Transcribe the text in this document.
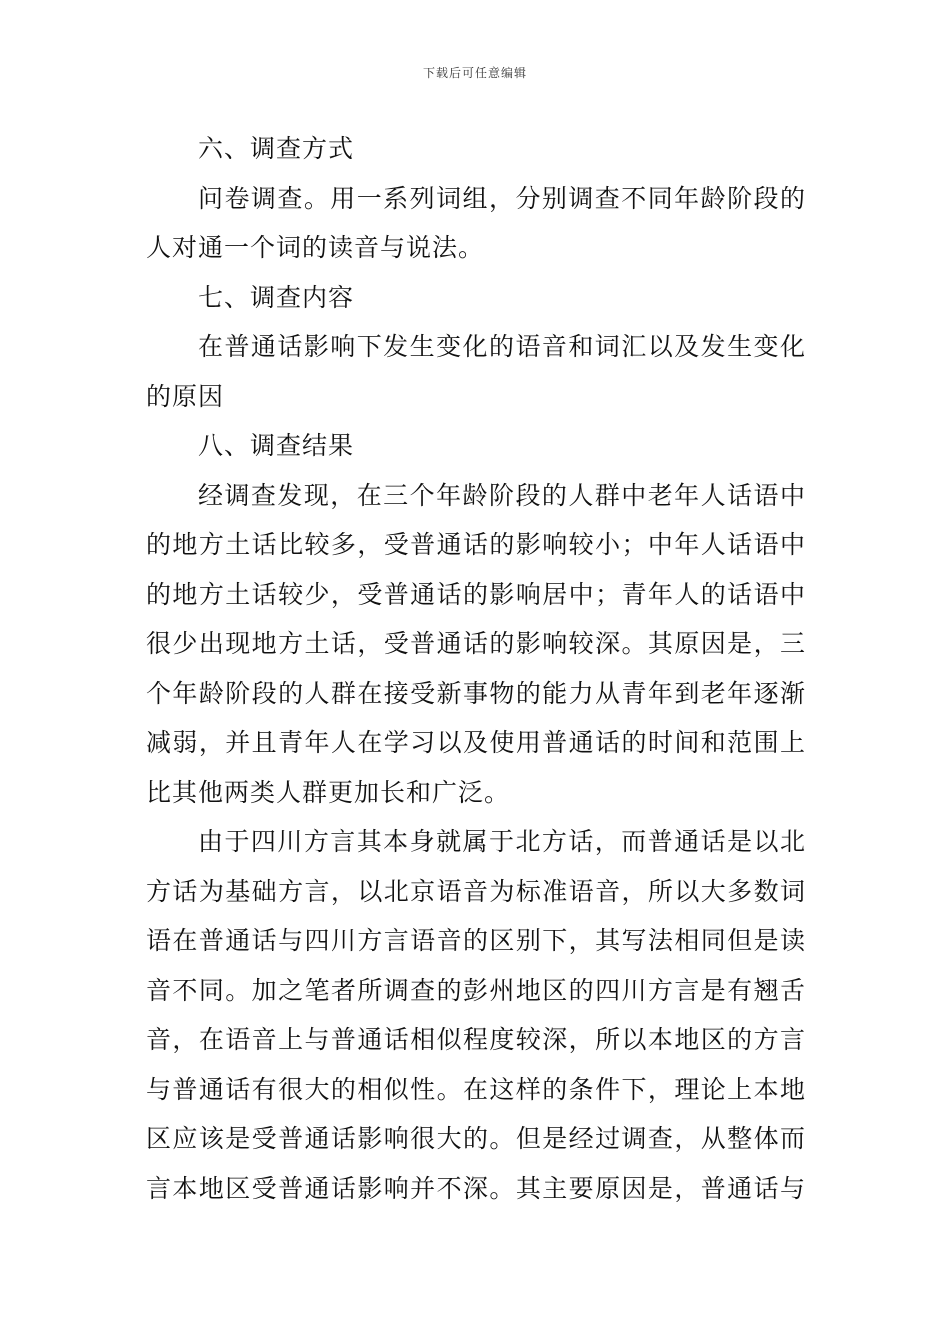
下载后可任意编辑

六、调查方式

问卷调查。用一系列词组，分别调查不同年龄阶段的
人对通一个词的读音与说法。

七、调查内容

在普通话影响下发生变化的语音和词汇以及发生变化
的原因

八、调查结果

经调查发现，在三个年龄阶段的人群中老年人话语中
的地方土话比较多，受普通话的影响较小；中年人话语中
的地方土话较少，受普通话的影响居中；青年人的话语中
很少出现地方土话，受普通话的影响较深。其原因是，三
个年龄阶段的人群在接受新事物的能力从青年到老年逐渐
减弱，并且青年人在学习以及使用普通话的时间和范围上
比其他两类人群更加长和广泛。

由于四川方言其本身就属于北方话，而普通话是以北
方话为基础方言，以北京语音为标准语音，所以大多数词
语在普通话与四川方言语音的区别下，其写法相同但是读
音不同。加之笔者所调查的彭州地区的四川方言是有翘舌
音，在语音上与普通话相似程度较深，所以本地区的方言
与普通话有很大的相似性。在这样的条件下，理论上本地
区应该是受普通话影响很大的。但是经过调查，从整体而
言本地区受普通话影响并不深。其主要原因是，普通话与
